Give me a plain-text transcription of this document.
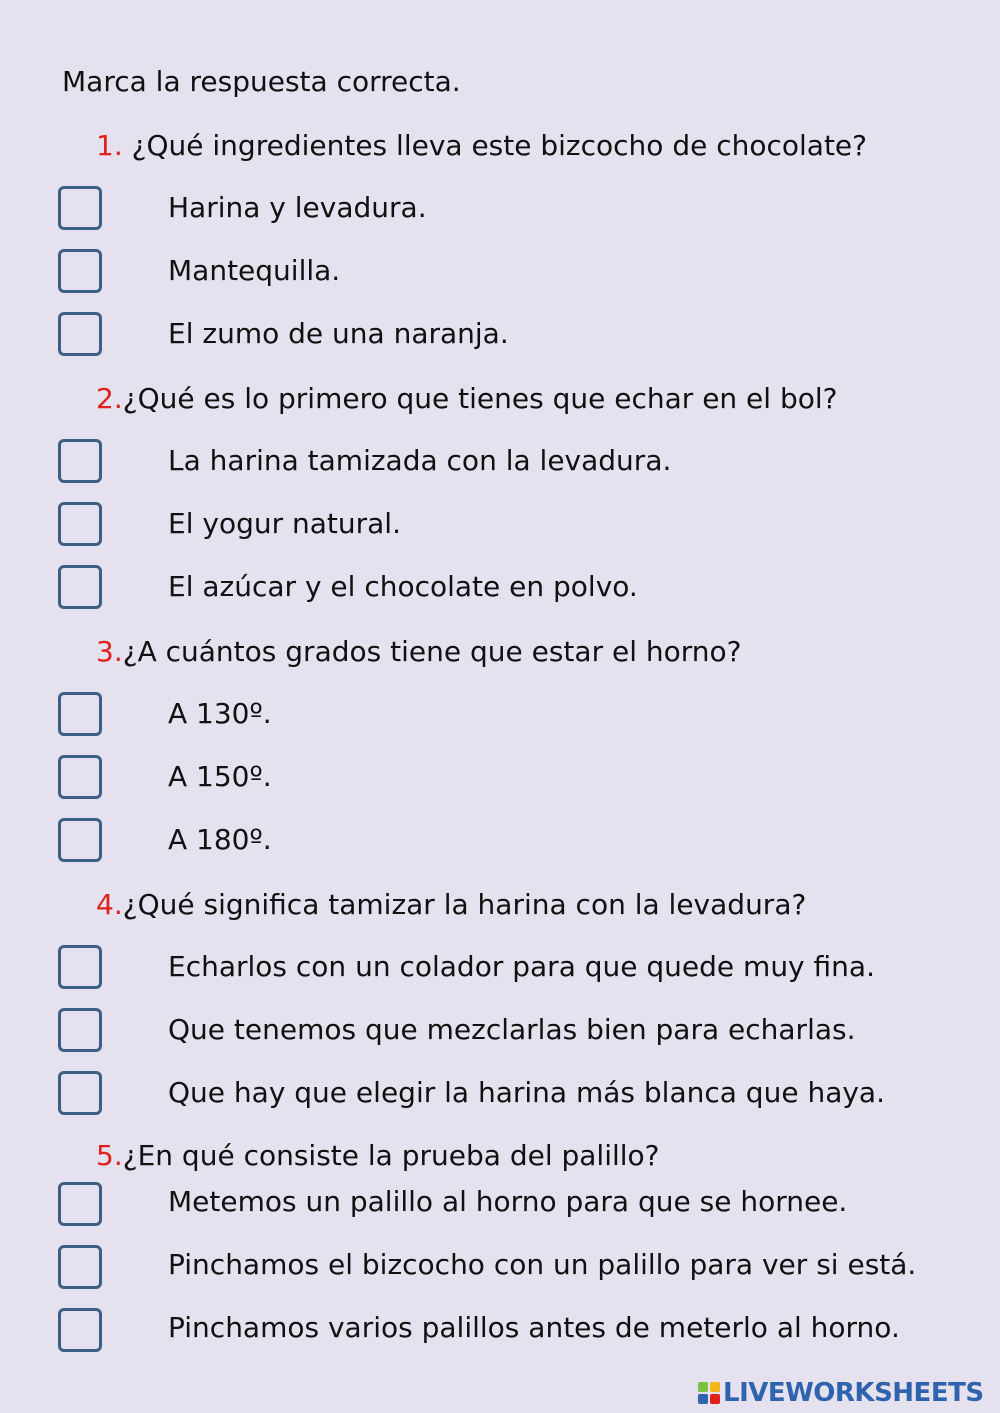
Marca la respuesta correcta.
1. ¿Qué ingredientes lleva este bizcocho de chocolate?
Harina y levadura.
Mantequilla.
El zumo de una naranja.
2.¿Qué es lo primero que tienes que echar en el bol?
La harina tamizada con la levadura.
El yogur natural.
El azúcar y el chocolate en polvo.
3.¿A cuántos grados tiene que estar el horno?
A 130º.
A 150º.
A 180º.
4.¿Qué significa tamizar la harina con la levadura?
Echarlos con un colador para que quede muy fina.
Que tenemos que mezclarlas bien para echarlas.
Que hay que elegir la harina más blanca que haya.
5.¿En qué consiste la prueba del palillo?
Metemos un palillo al horno para que se hornee.
Pinchamos el bizcocho con un palillo para ver si está.
Pinchamos varios palillos antes de meterlo al horno.
LIVEWORKSHEETS
